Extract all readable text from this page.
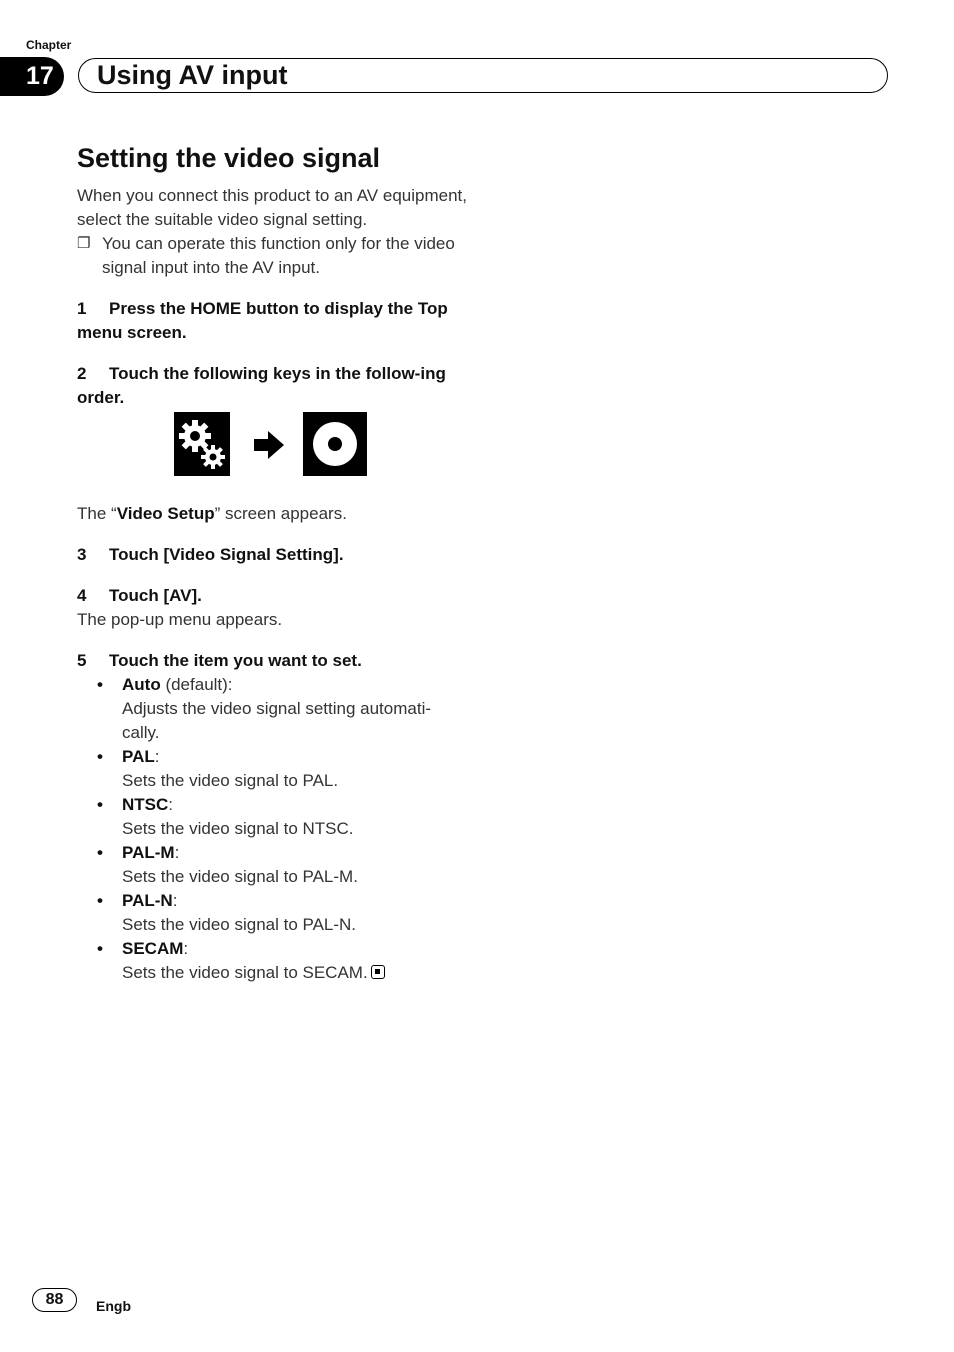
Chapter
17	Using AV input
Setting the video signal

When you connect this product to an AV equipment, select the suitable video signal setting.

❐ You can operate this function only for the video signal input into the AV input.

1 Press the HOME button to display the Top menu screen.

2 Touch the following keys in the follow-ing order.

The “Video Setup” screen appears.

3 Touch [Video Signal Setting].

4 Touch [AV].

The pop-up menu appears.

5 Touch the item you want to set.

• Auto (default):
Adjusts the video signal setting automati-cally.
• PAL:
Sets the video signal to PAL.
• NTSC:
Sets the video signal to NTSC.
• PAL-M:
Sets the video signal to PAL-M.
• PAL-N:
Sets the video signal to PAL-N.
• SECAM:
Sets the video signal to SECAM.
88	Engb
